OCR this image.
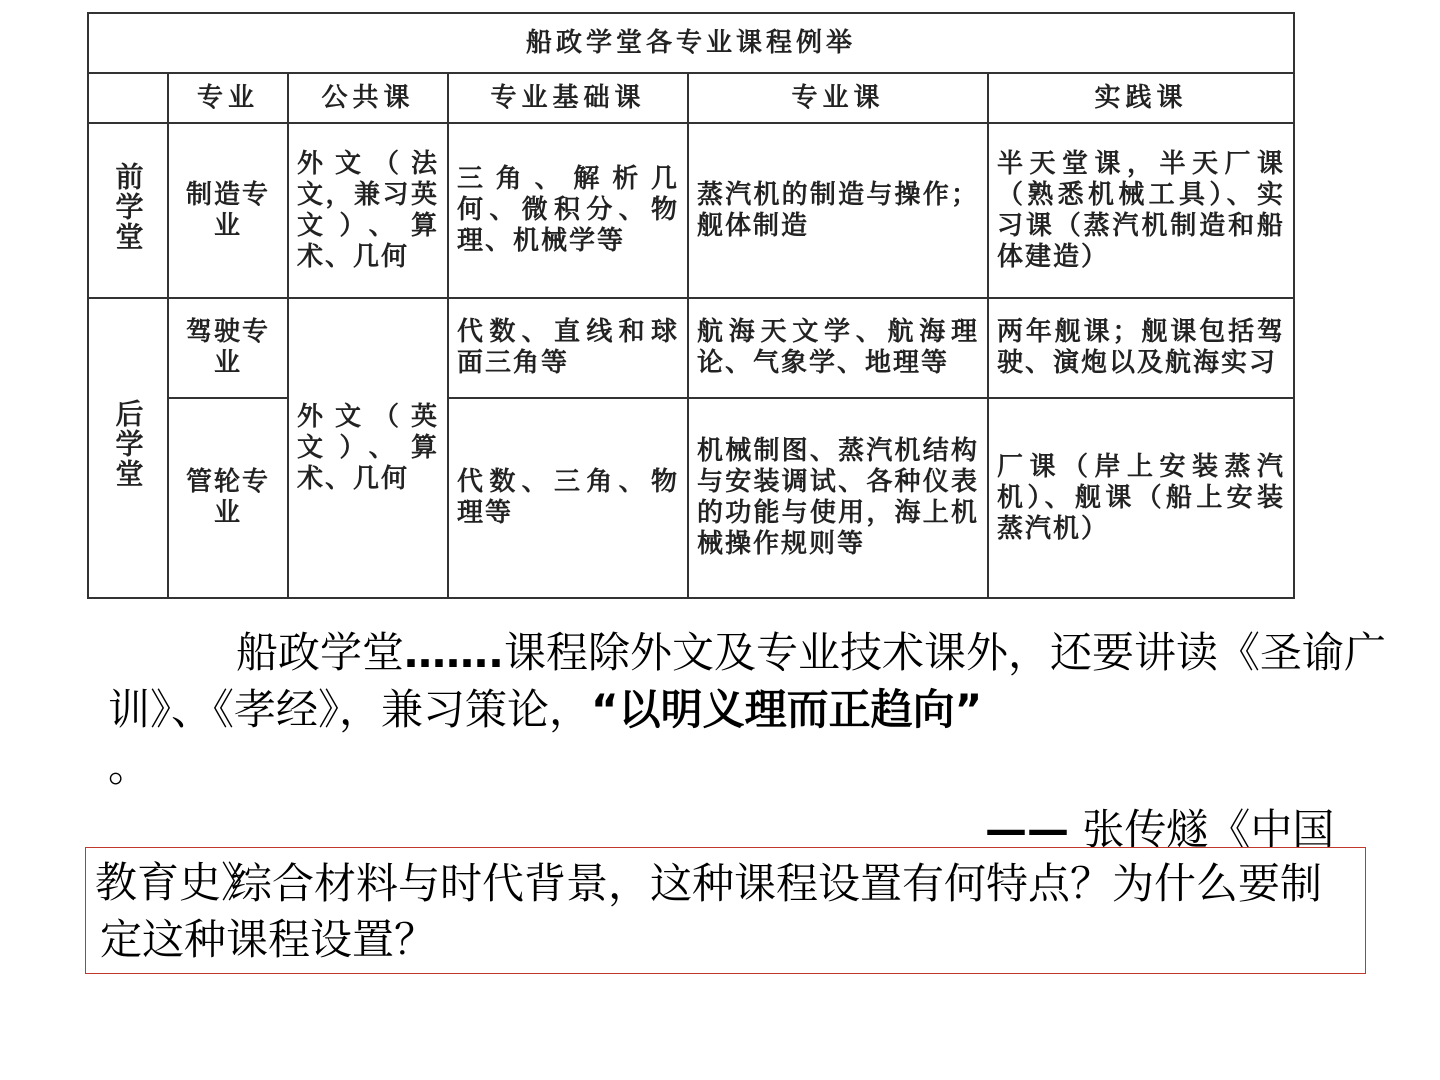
船政学堂各专业课程例举					
	专业	公共课	专业基础课	专业课	实践课
前学堂	制造专业	外文（法文，兼习英文）、算术、几何	三角、解析几何、微积分、物理、机械学等	蒸汽机的制造与操作；舰体制造	半天堂课，半天厂课（熟悉机械工具）、实习课（蒸汽机制造和船体建造）
后学堂	驾驶专业	外文（英文）、算术、几何	代数、直线和球面三角等	航海天文学、航海理论、气象学、地理等	两年舰课；舰课包括驾驶、演炮以及航海实习
	管轮专业		代数、三角、物理等	机械制图、蒸汽机结构与安装调试、各种仪表的功能与使用，海上机械操作规则等	厂课（岸上安装蒸汽机）、舰课（船上安装蒸汽机）
船政学堂…….课程除外文及专业技术课外，还要讲读《圣谕广训》、《孝经》，兼习策论，“以明义理而正趋向”
。
—— 张传燧《中国
教育史》
综合材料与时代背景，这种课程设置有何特点？为什么要制定这种课程设置？
